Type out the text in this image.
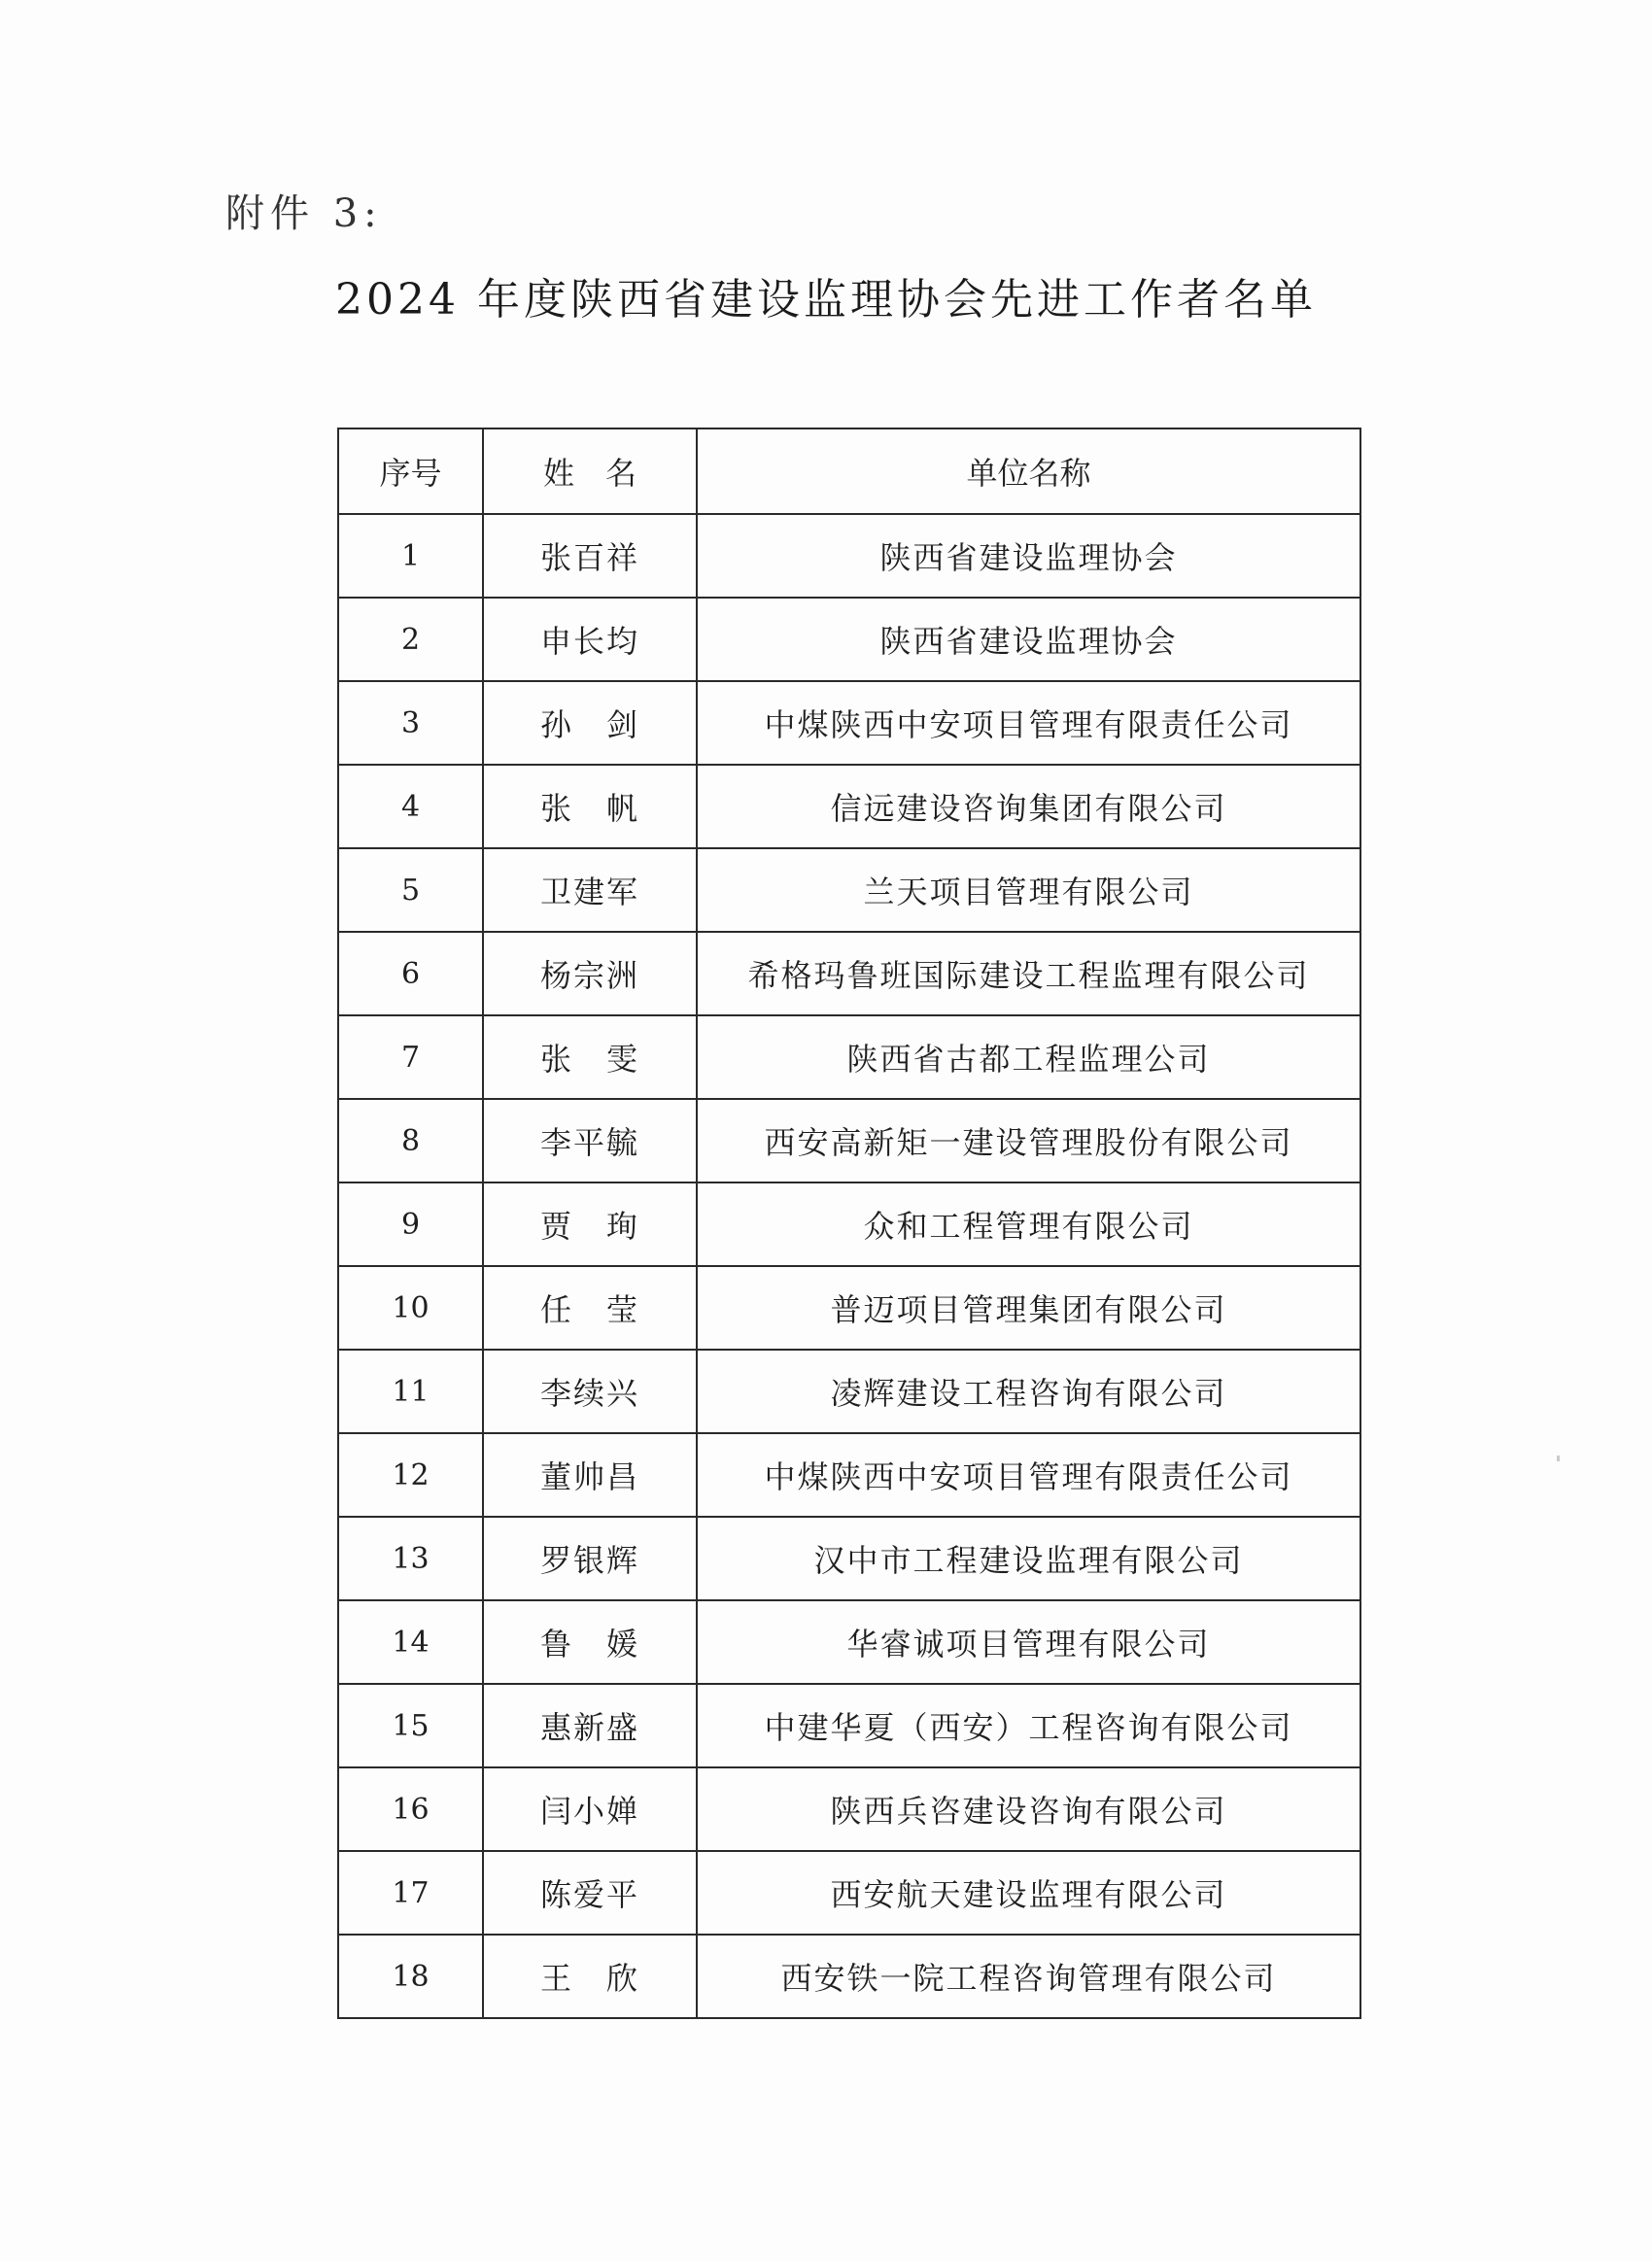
附件 3:
2024 年度陕西省建设监理协会先进工作者名单
序号	姓　名	单位名称
1	张百祥	陕西省建设监理协会
2	申长均	陕西省建设监理协会
3	孙　剑	中煤陕西中安项目管理有限责任公司
4	张　帆	信远建设咨询集团有限公司
5	卫建军	兰天项目管理有限公司
6	杨宗洲	希格玛鲁班国际建设工程监理有限公司
7	张　雯	陕西省古都工程监理公司
8	李平毓	西安高新矩一建设管理股份有限公司
9	贾　珣	众和工程管理有限公司
10	任　莹	普迈项目管理集团有限公司
11	李续兴	凌辉建设工程咨询有限公司
12	董帅昌	中煤陕西中安项目管理有限责任公司
13	罗银辉	汉中市工程建设监理有限公司
14	鲁　媛	华睿诚项目管理有限公司
15	惠新盛	中建华夏（西安）工程咨询有限公司
16	闫小婵	陕西兵咨建设咨询有限公司
17	陈爱平	西安航天建设监理有限公司
18	王　欣	西安铁一院工程咨询管理有限公司
